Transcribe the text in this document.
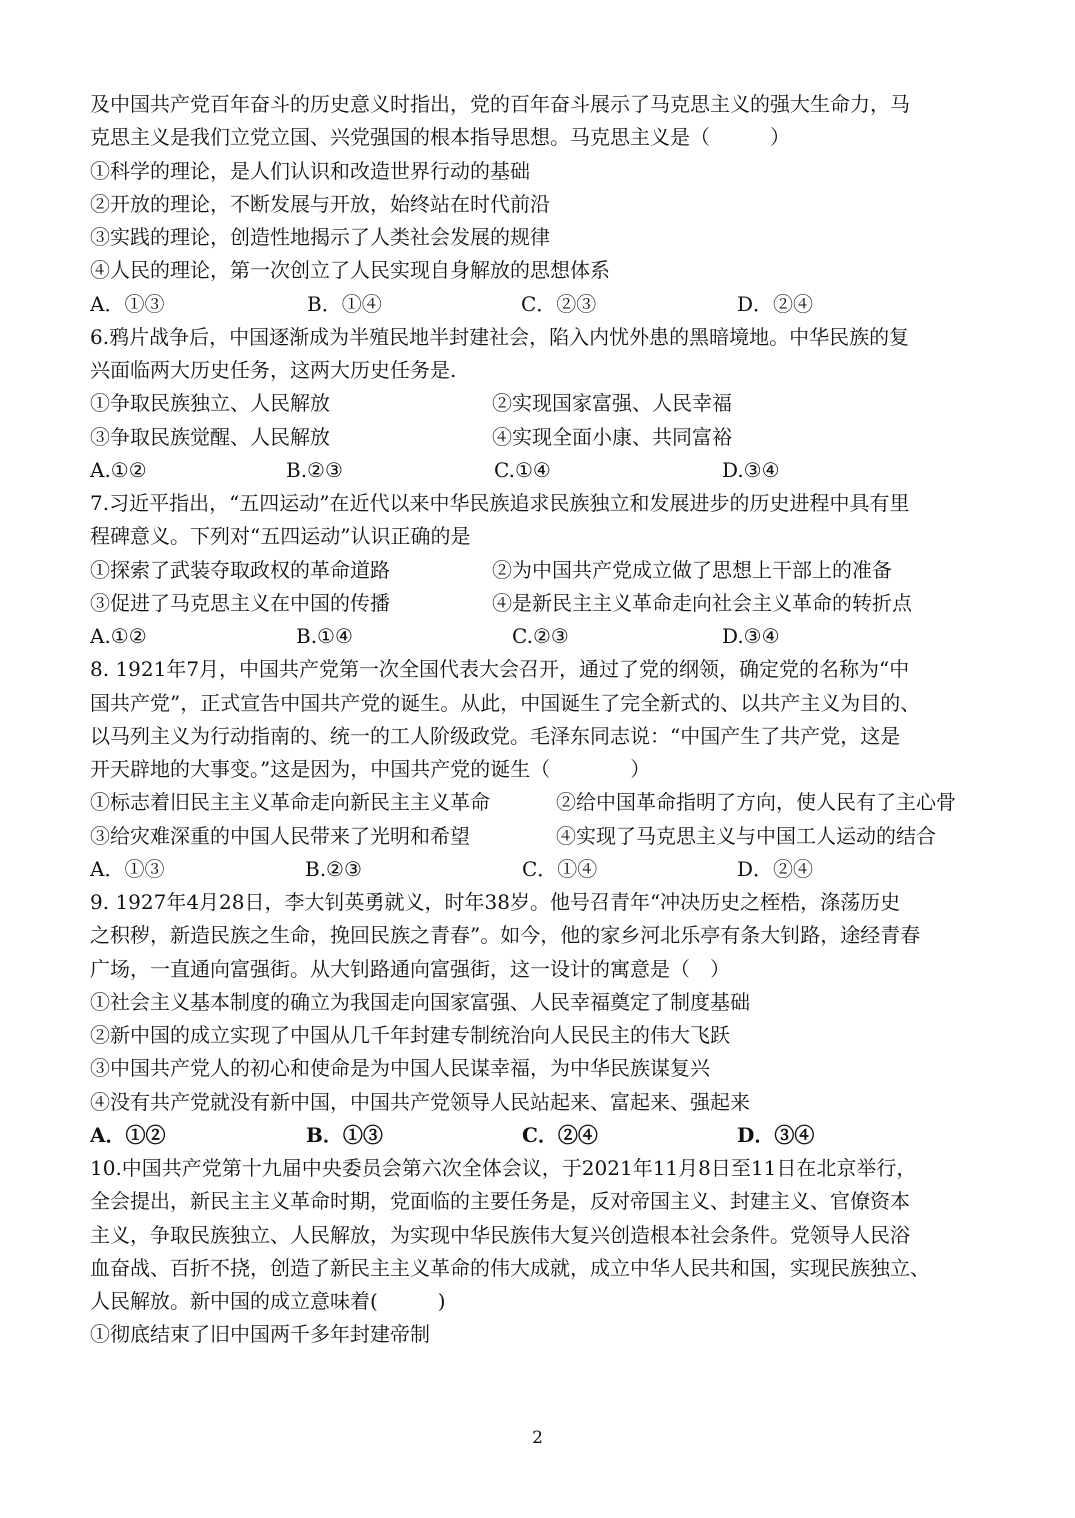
及中国共产党百年奋斗的历史意义时指出，党的百年奋斗展示了马克思主义的强大生命力，马
克思主义是我们立党立国、兴党强国的根本指导思想。马克思主义是（　　　）
①科学的理论，是人们认识和改造世界行动的基础
②开放的理论，不断发展与开放，始终站在时代前沿
③实践的理论，创造性地揭示了人类社会发展的规律
④人民的理论，第一次创立了人民实现自身解放的思想体系
A．①③	B．①④	C．②③	D．②④
6.鸦片战争后，中国逐渐成为半殖民地半封建社会，陷入内忧外患的黑暗境地。中华民族的复
兴面临两大历史任务，这两大历史任务是.
①争取民族独立、人民解放	②实现国家富强、人民幸福
③争取民族觉醒、人民解放	④实现全面小康、共同富裕
A.①②	B.②③	C.①④	D.③④
7.习近平指出，“五四运动”在近代以来中华民族追求民族独立和发展进步的历史进程中具有里
程碑意义。下列对“五四运动”认识正确的是
①探索了武装夺取政权的革命道路	②为中国共产党成立做了思想上干部上的准备
③促进了马克思主义在中国的传播	④是新民主主义革命走向社会主义革命的转折点
A.①②	B.①④	C.②③	D.③④
8. 1921年7月，中国共产党第一次全国代表大会召开，通过了党的纲领，确定党的名称为“中
国共产党”，正式宣告中国共产党的诞生。从此，中国诞生了完全新式的、以共产主义为目的、
以马列主义为行动指南的、统一的工人阶级政党。毛泽东同志说：“中国产生了共产党，这是
开天辟地的大事变。”这是因为，中国共产党的诞生（　　　　）
①标志着旧民主主义革命走向新民主主义革命	②给中国革命指明了方向，使人民有了主心骨
③给灾难深重的中国人民带来了光明和希望	④实现了马克思主义与中国工人运动的结合
A．①③	B.②③	C．①④	D．②④
9. 1927年4月28日，李大钊英勇就义，时年38岁。他号召青年“冲决历史之桎梏，涤荡历史
之积秽，新造民族之生命，挽回民族之青春”。如今，他的家乡河北乐亭有条大钊路，途经青春
广场，一直通向富强街。从大钊路通向富强街，这一设计的寓意是（　）
①社会主义基本制度的确立为我国走向国家富强、人民幸福奠定了制度基础
②新中国的成立实现了中国从几千年封建专制统治向人民民主的伟大飞跃
③中国共产党人的初心和使命是为中国人民谋幸福，为中华民族谋复兴
④没有共产党就没有新中国，中国共产党领导人民站起来、富起来、强起来
A．①②	B．①③	C．②④	D．③④
10.中国共产党第十九届中央委员会第六次全体会议，于2021年11月8日至11日在北京举行，
全会提出，新民主主义革命时期，党面临的主要任务是，反对帝国主义、封建主义、官僚资本
主义，争取民族独立、人民解放，为实现中华民族伟大复兴创造根本社会条件。党领导人民浴
血奋战、百折不挠，创造了新民主主义革命的伟大成就，成立中华人民共和国，实现民族独立、
人民解放。新中国的成立意味着(　　　)
①彻底结束了旧中国两千多年封建帝制
2
